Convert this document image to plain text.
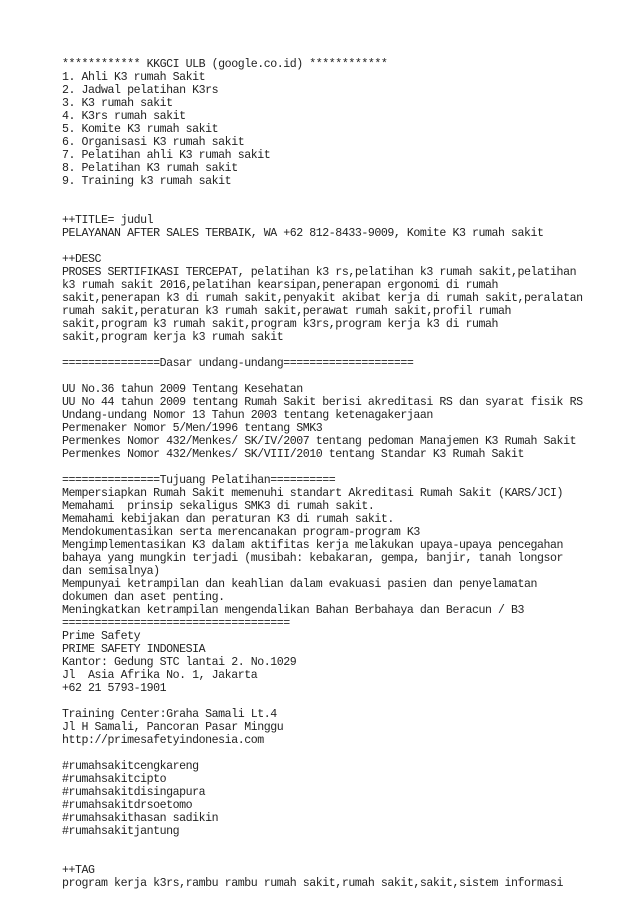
************ KKGCI ULB (google.co.id) ************
1. Ahli K3 rumah Sakit
2. Jadwal pelatihan K3rs
3. K3 rumah sakit
4. K3rs rumah sakit
5. Komite K3 rumah sakit
6. Organisasi K3 rumah sakit
7. Pelatihan ahli K3 rumah sakit
8. Pelatihan K3 rumah sakit
9. Training k3 rumah sakit
++TITLE= judul
PELAYANAN AFTER SALES TERBAIK, WA +62 812-8433-9009, Komite K3 rumah sakit
++DESC
PROSES SERTIFIKASI TERCEPAT, pelatihan k3 rs,pelatihan k3 rumah sakit,pelatihan
k3 rumah sakit 2016,pelatihan kearsipan,penerapan ergonomi di rumah
sakit,penerapan k3 di rumah sakit,penyakit akibat kerja di rumah sakit,peralatan
rumah sakit,peraturan k3 rumah sakit,perawat rumah sakit,profil rumah
sakit,program k3 rumah sakit,program k3rs,program kerja k3 di rumah
sakit,program kerja k3 rumah sakit
===============Dasar undang-undang====================
UU No.36 tahun 2009 Tentang Kesehatan
UU No 44 tahun 2009 tentang Rumah Sakit berisi akreditasi RS dan syarat fisik RS
Undang-undang Nomor 13 Tahun 2003 tentang ketenagakerjaan
Permenaker Nomor 5/Men/1996 tentang SMK3
Permenkes Nomor 432/Menkes/ SK/IV/2007 tentang pedoman Manajemen K3 Rumah Sakit
Permenkes Nomor 432/Menkes/ SK/VIII/2010 tentang Standar K3 Rumah Sakit
===============Tujuang Pelatihan==========
Mempersiapkan Rumah Sakit memenuhi standart Akreditasi Rumah Sakit (KARS/JCI)
Memahami  prinsip sekaligus SMK3 di rumah sakit.
Memahami kebijakan dan peraturan K3 di rumah sakit.
Mendokumentasikan serta merencanakan program-program K3
Mengimplementasikan K3 dalam aktifitas kerja melakukan upaya-upaya pencegahan
bahaya yang mungkin terjadi (musibah: kebakaran, gempa, banjir, tanah longsor
dan semisalnya)
Mempunyai ketrampilan dan keahlian dalam evakuasi pasien dan penyelamatan
dokumen dan aset penting.
Meningkatkan ketrampilan mengendalikan Bahan Berbahaya dan Beracun / B3
===================================
Prime Safety
PRIME SAFETY INDONESIA
Kantor: Gedung STC lantai 2. No.1029
Jl  Asia Afrika No. 1, Jakarta
+62 21 5793-1901
Training Center:Graha Samali Lt.4
Jl H Samali, Pancoran Pasar Minggu
http://primesafetyindonesia.com
#rumahsakitcengkareng
#rumahsakitcipto
#rumahsakitdisingapura
#rumahsakitdrsoetomo
#rumahsakithasan sadikin
#rumahsakitjantung
++TAG
program kerja k3rs,rambu rambu rumah sakit,rumah sakit,sakit,sistem informasi
